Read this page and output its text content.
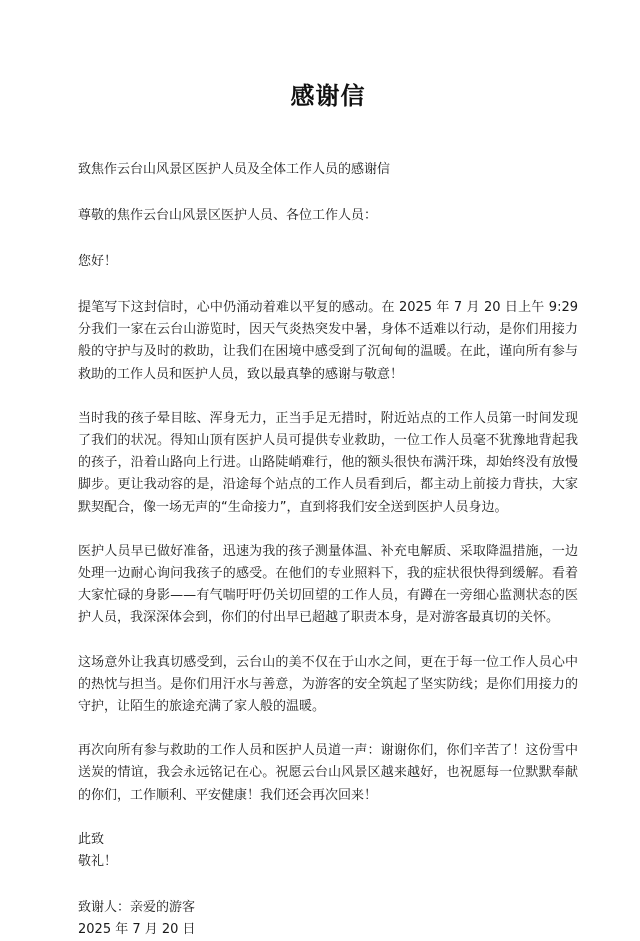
感谢信

致焦作云台山风景区医护人员及全体工作人员的感谢信

尊敬的焦作云台山风景区医护人员、各位工作人员：

您好！

提笔写下这封信时，心中仍涌动着难以平复的感动。在 2025 年 7 月 20 日上午 9:29 分我们一家在云台山游览时，因天气炎热突发中暑，身体不适难以行动，是你们用接力般的守护与及时的救助，让我们在困境中感受到了沉甸甸的温暖。在此，谨向所有参与救助的工作人员和医护人员，致以最真挚的感谢与敬意！

当时我的孩子晕目眩、浑身无力，正当手足无措时，附近站点的工作人员第一时间发现了我们的状况。得知山顶有医护人员可提供专业救助，一位工作人员毫不犹豫地背起我的孩子，沿着山路向上行进。山路陡峭难行，他的额头很快布满汗珠，却始终没有放慢脚步。更让我动容的是，沿途每个站点的工作人员看到后，都主动上前接力背扶，大家默契配合，像一场无声的“生命接力”，直到将我们安全送到医护人员身边。

医护人员早已做好准备，迅速为我的孩子测量体温、补充电解质、采取降温措施，一边处理一边耐心询问我孩子的感受。在他们的专业照料下，我的症状很快得到缓解。看着大家忙碌的身影——有气喘吁吁仍关切回望的工作人员，有蹲在一旁细心监测状态的医护人员，我深深体会到，你们的付出早已超越了职责本身，是对游客最真切的关怀。

这场意外让我真切感受到，云台山的美不仅在于山水之间，更在于每一位工作人员心中的热忱与担当。是你们用汗水与善意，为游客的安全筑起了坚实防线；是你们用接力的守护，让陌生的旅途充满了家人般的温暖。

再次向所有参与救助的工作人员和医护人员道一声：谢谢你们，你们辛苦了！这份雪中送炭的情谊，我会永远铭记在心。祝愿云台山风景区越来越好，也祝愿每一位默默奉献的你们，工作顺利、平安健康！我们还会再次回来！

此致

敬礼！

致谢人：亲爱的游客

2025 年 7 月 20 日
